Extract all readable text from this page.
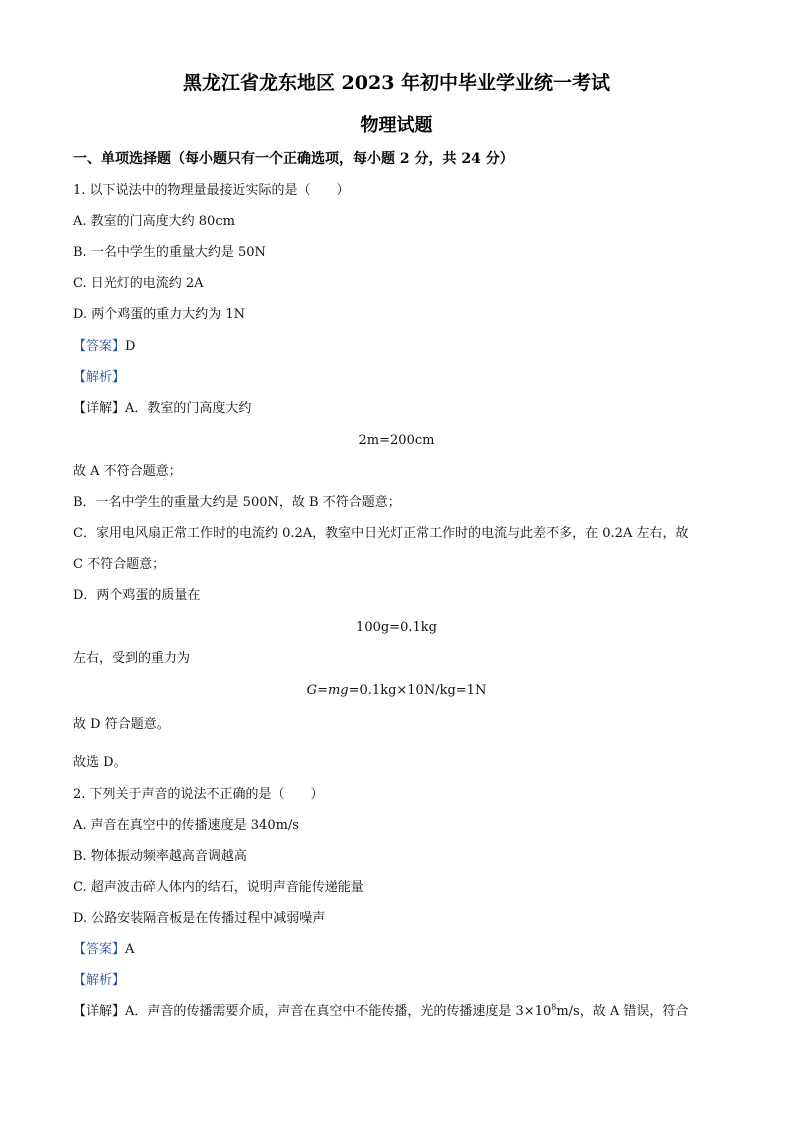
黑龙江省龙东地区 2023 年初中毕业学业统一考试
物理试题
一、单项选择题（每小题只有一个正确选项，每小题 2 分，共 24 分）
1. 以下说法中的物理量最接近实际的是（　　）
A. 教室的门高度大约 80cm
B. 一名中学生的重量大约是 50N
C. 日光灯的电流约 2A
D. 两个鸡蛋的重力大约为 1N
【答案】D
【解析】
【详解】A．教室的门高度大约
2m=200cm
故 A 不符合题意；
B．一名中学生的重量大约是 500N，故 B 不符合题意；
C．家用电风扇正常工作时的电流约 0.2A，教室中日光灯正常工作时的电流与此差不多，在 0.2A 左右，故
C 不符合题意；
D．两个鸡蛋的质量在
100g=0.1kg
左右，受到的重力为
G=mg=0.1kg×10N/kg=1N
故 D 符合题意。
故选 D。
2. 下列关于声音的说法不正确的是（　　）
A. 声音在真空中的传播速度是 340m/s
B. 物体振动频率越高音调越高
C. 超声波击碎人体内的结石，说明声音能传递能量
D. 公路安装隔音板是在传播过程中减弱噪声
【答案】A
【解析】
【详解】A．声音的传播需要介质，声音在真空中不能传播，光的传播速度是 $3\times 10^8m/s$，故 A 错误，符合
